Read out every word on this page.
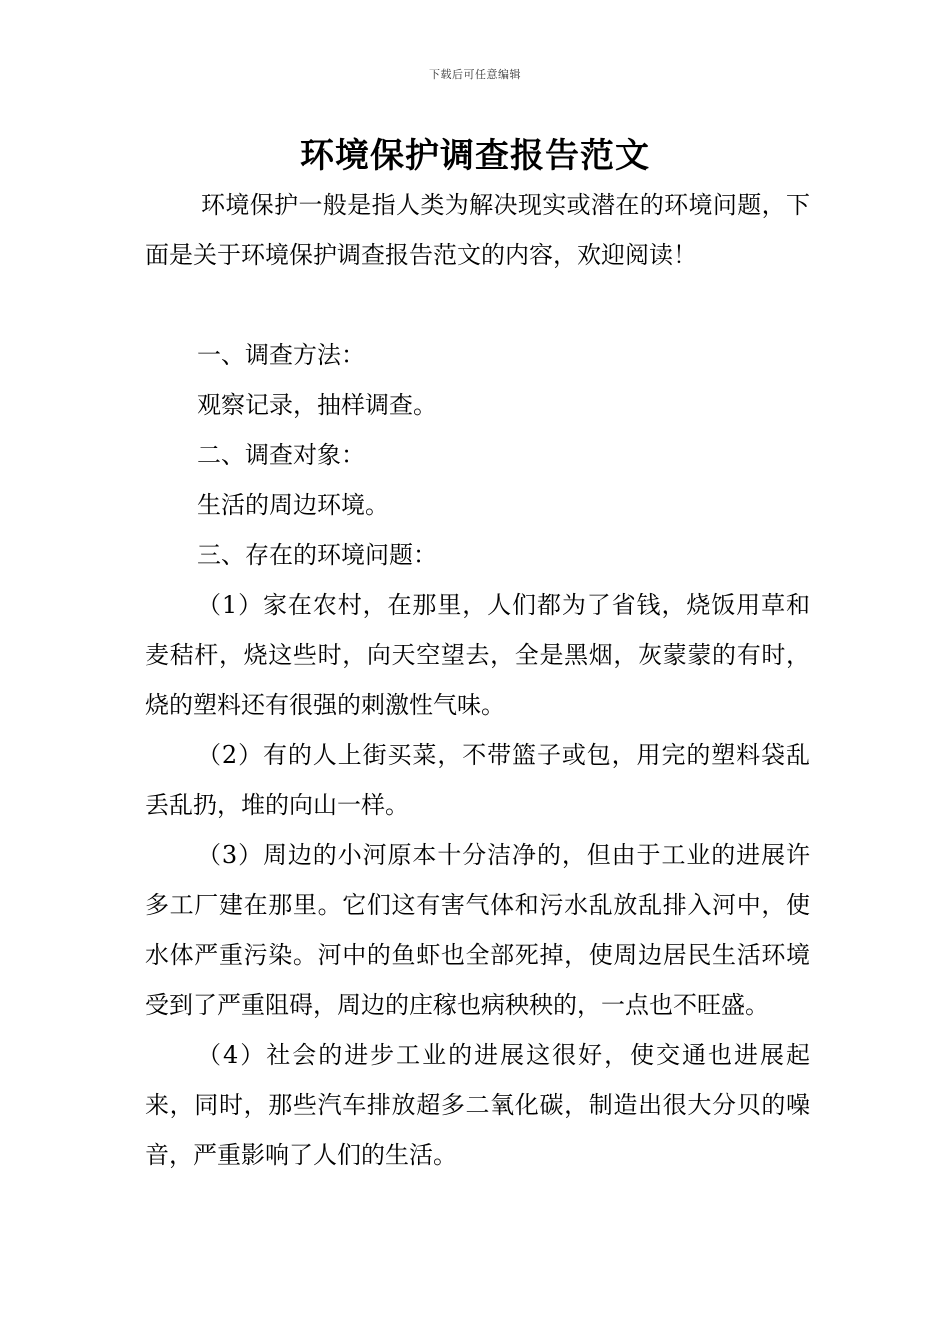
下载后可任意编辑
环境保护调查报告范文

环境保护一般是指人类为解决现实或潜在的环境问题，下面是关于环境保护调查报告范文的内容，欢迎阅读！

一、调查方法：

观察记录，抽样调查。

二、调查对象：

生活的周边环境。

三、存在的环境问题：

（1）家在农村，在那里，人们都为了省钱，烧饭用草和麦秸杆，烧这些时，向天空望去，全是黑烟，灰蒙蒙的有时，烧的塑料还有很强的刺激性气味。

（2）有的人上街买菜，不带篮子或包，用完的塑料袋乱丢乱扔，堆的向山一样。

（3）周边的小河原本十分洁净的，但由于工业的进展许多工厂建在那里。它们这有害气体和污水乱放乱排入河中，使水体严重污染。河中的鱼虾也全部死掉，使周边居民生活环境受到了严重阻碍，周边的庄稼也病秧秧的，一点也不旺盛。

（4）社会的进步工业的进展这很好，使交通也进展起来，同时，那些汽车排放超多二氧化碳，制造出很大分贝的噪音，严重影响了人们的生活。
